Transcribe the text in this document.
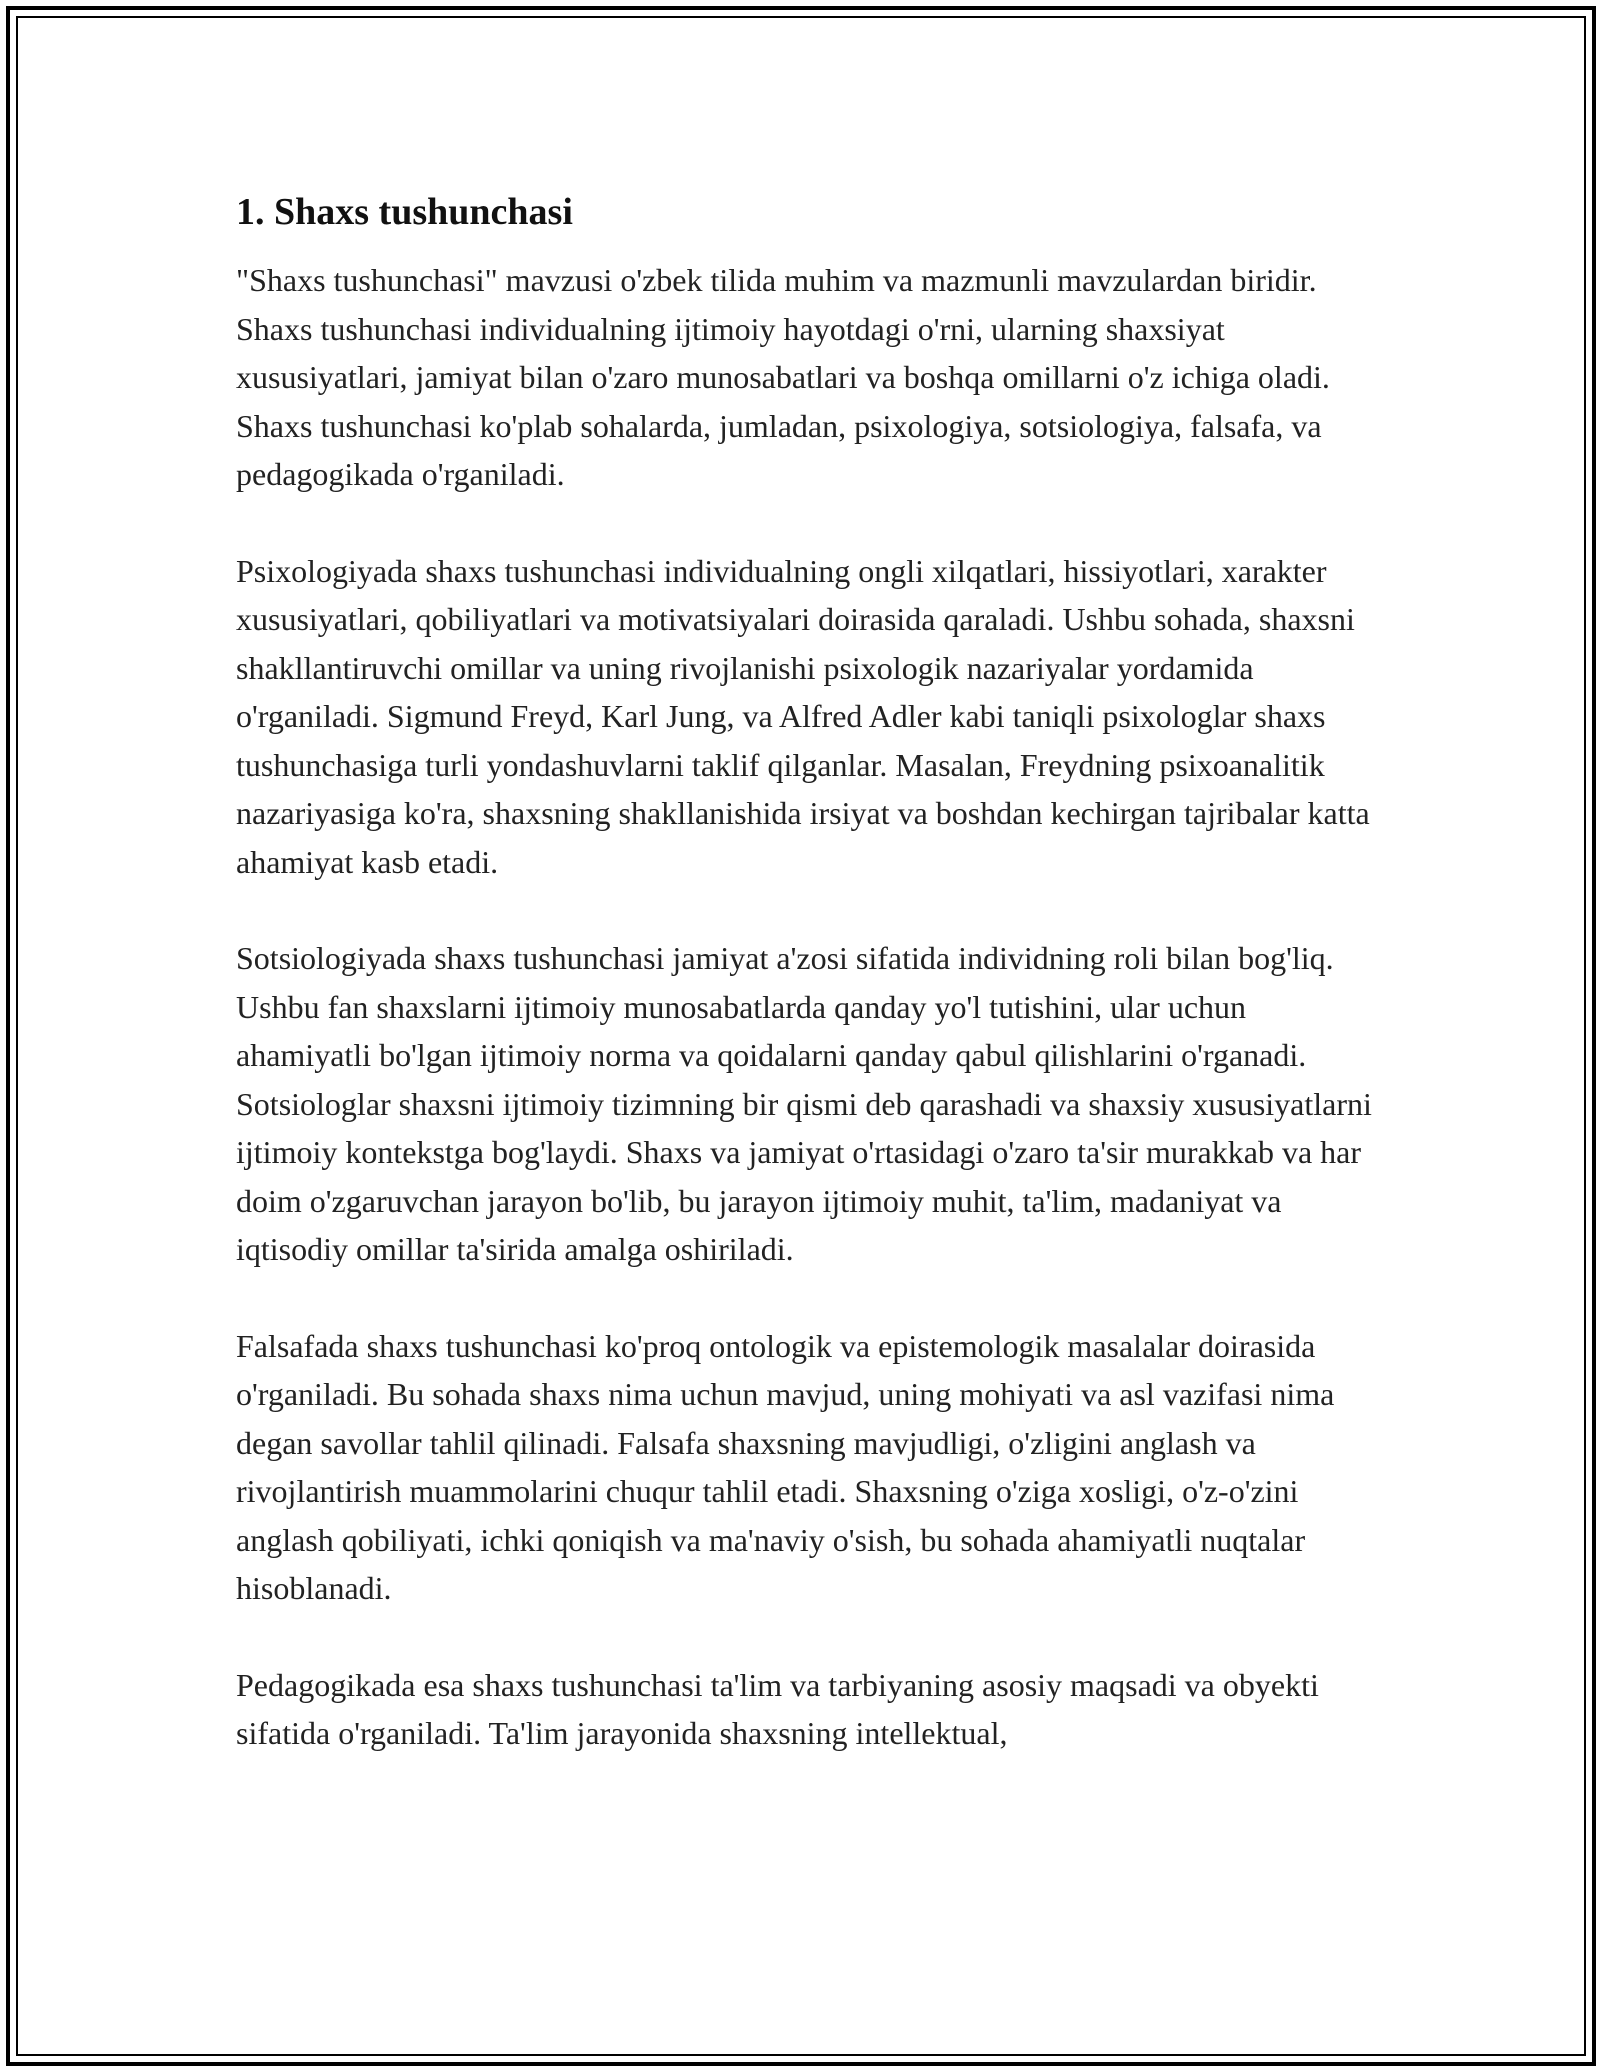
1. Shaxs tushunchasi

"Shaxs tushunchasi" mavzusi o'zbek tilida muhim va mazmunli mavzulardan biridir. Shaxs tushunchasi individualning ijtimoiy hayotdagi o'rni, ularning shaxsiyat xususiyatlari, jamiyat bilan o'zaro munosabatlari va boshqa omillarni o'z ichiga oladi. Shaxs tushunchasi ko'plab sohalarda, jumladan, psixologiya, sotsiologiya, falsafa, va pedagogikada o'rganiladi.

Psixologiyada shaxs tushunchasi individualning ongli xilqatlari, hissiyotlari, xarakter xususiyatlari, qobiliyatlari va motivatsiyalari doirasida qaraladi. Ushbu sohada, shaxsni shakllantiruvchi omillar va uning rivojlanishi psixologik nazariyalar yordamida o'rganiladi. Sigmund Freyd, Karl Jung, va Alfred Adler kabi taniqli psixologlar shaxs tushunchasiga turli yondashuvlarni taklif qilganlar. Masalan, Freydning psixoanalitik nazariyasiga ko'ra, shaxsning shakllanishida irsiyat va boshdan kechirgan tajribalar katta ahamiyat kasb etadi.

Sotsiologiyada shaxs tushunchasi jamiyat a'zosi sifatida individning roli bilan bog'liq. Ushbu fan shaxslarni ijtimoiy munosabatlarda qanday yo'l tutishini, ular uchun ahamiyatli bo'lgan ijtimoiy norma va qoidalarni qanday qabul qilishlarini o'rganadi. Sotsiologlar shaxsni ijtimoiy tizimning bir qismi deb qarashadi va shaxsiy xususiyatlarni ijtimoiy kontekstga bog'laydi. Shaxs va jamiyat o'rtasidagi o'zaro ta'sir murakkab va har doim o'zgaruvchan jarayon bo'lib, bu jarayon ijtimoiy muhit, ta'lim, madaniyat va iqtisodiy omillar ta'sirida amalga oshiriladi.

Falsafada shaxs tushunchasi ko'proq ontologik va epistemologik masalalar doirasida o'rganiladi. Bu sohada shaxs nima uchun mavjud, uning mohiyati va asl vazifasi nima degan savollar tahlil qilinadi. Falsafa shaxsning mavjudligi, o'zligini anglash va rivojlantirish muammolarini chuqur tahlil etadi. Shaxsning o'ziga xosligi, o'z-o'zini anglash qobiliyati, ichki qoniqish va ma'naviy o'sish, bu sohada ahamiyatli nuqtalar hisoblanadi.

Pedagogikada esa shaxs tushunchasi ta'lim va tarbiyaning asosiy maqsadi va obyekti sifatida o'rganiladi. Ta'lim jarayonida shaxsning intellektual,
